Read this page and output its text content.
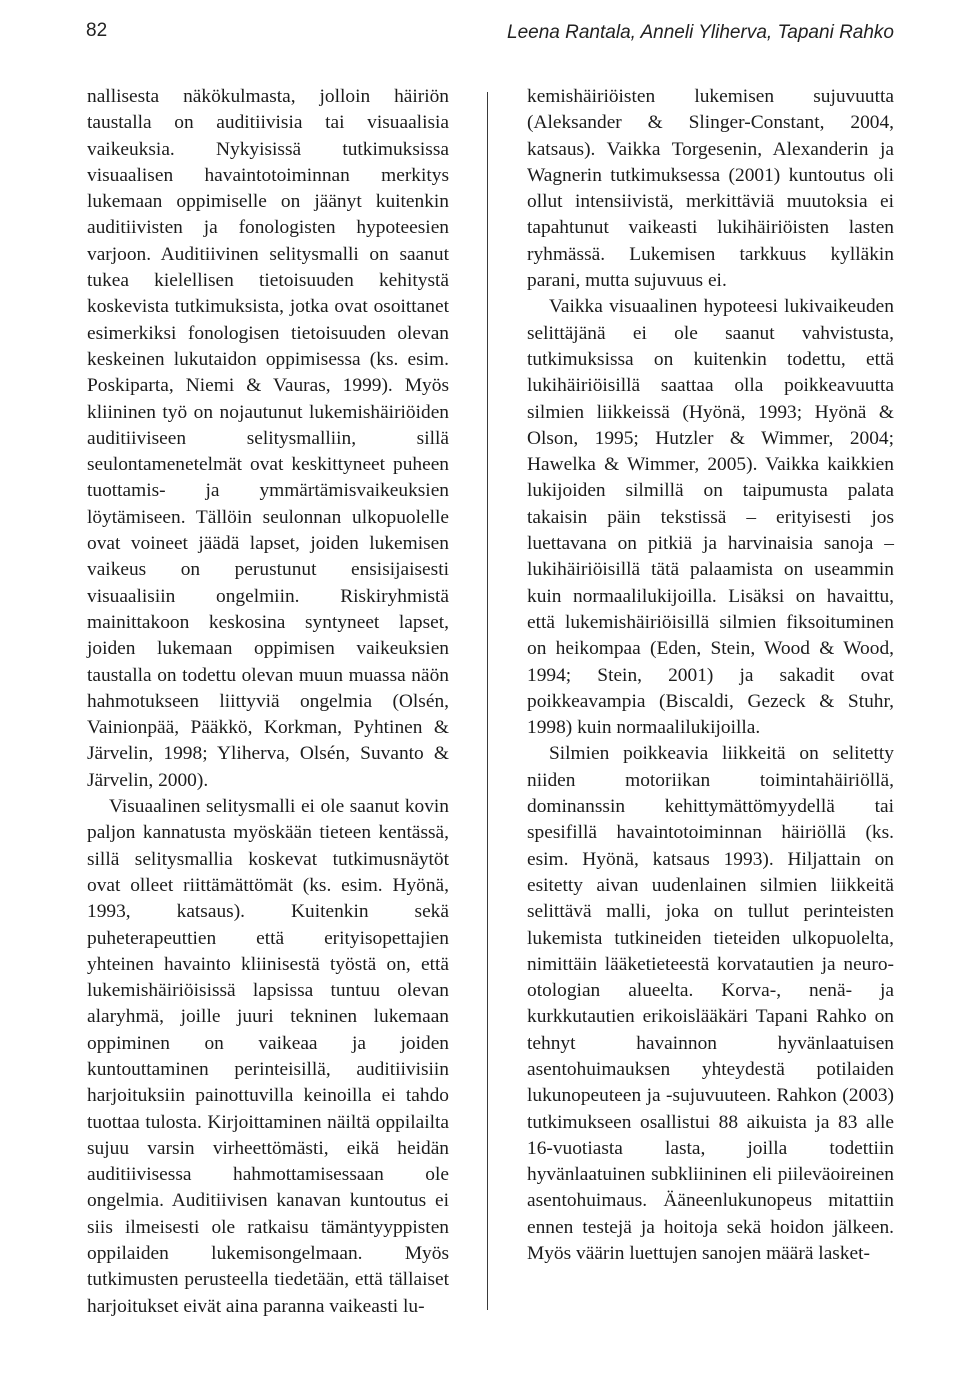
82	Leena Rantala, Anneli Yliherva, Tapani Rahko

nallisesta näkökulmasta, jolloin häiriön taustalla on auditiivisia tai visuaalisia vaikeuksia. Nykyisissä tutkimuksissa visuaalisen havaintotoiminnan merkitys lukemaan oppimiselle on jäänyt kuitenkin auditiivisten ja fonologisten hypoteesien varjoon. Auditiivinen selitysmalli on saanut tukea kielellisen tietoisuuden kehitystä koskevista tutkimuksista, jotka ovat osoittanet esimerkiksi fonologisen tietoisuuden olevan keskeinen lukutaidon oppimisessa (ks. esim. Poskiparta, Niemi & Vauras, 1999). Myös kliininen työ on nojautunut lukemishäiriöiden auditiiviseen selitysmalliin, sillä seulontamenetelmät ovat keskittyneet puheen tuottamis- ja ymmärtämisvaikeuksien löytämiseen. Tällöin seulonnan ulkopuolelle ovat voineet jäädä lapset, joiden lukemisen vaikeus on perustunut ensisijaisesti visuaalisiin ongelmiin. Riskiryhmistä mainittakoon keskosina syntyneet lapset, joiden lukemaan oppimisen vaikeuksien taustalla on todettu olevan muun muassa näön hahmotukseen liittyviä ongelmia (Olsén, Vainionpää, Pääkkö, Korkman, Pyhtinen & Järvelin, 1998; Yliherva, Olsén, Suvanto & Järvelin, 2000).

Visuaalinen selitysmalli ei ole saanut kovin paljon kannatusta myöskään tieteen kentässä, sillä selitysmallia koskevat tutkimusnäytöt ovat olleet riittämättömät (ks. esim. Hyönä, 1993, katsaus). Kuitenkin sekä puheterapeuttien että erityisopettajien yhteinen havainto kliinisestä työstä on, että lukemishäiriöisissä lapsissa tuntuu olevan alaryhmä, joille juuri tekninen lukemaan oppiminen on vaikeaa ja joiden kuntouttaminen perinteisillä, auditiivisiin harjoituksiin painottuvilla keinoilla ei tahdo tuottaa tulosta. Kirjoittaminen näiltä oppilailta sujuu varsin virheettömästi, eikä heidän auditiivisessa hahmottamisessaan ole ongelmia. Auditiivisen kanavan kuntoutus ei siis ilmeisesti ole ratkaisu tämäntyyppisten oppilaiden lukemisongelmaan. Myös tutkimusten perusteella tiedetään, että tällaiset harjoitukset eivät aina paranna vaikeasti lu-

kemishäiriöisten lukemisen sujuvuutta (Aleksander & Slinger-Constant, 2004, katsaus). Vaikka Torgesenin, Alexanderin ja Wagnerin tutkimuksessa (2001) kuntoutus oli ollut intensiivistä, merkittäviä muutoksia ei tapahtunut vaikeasti lukihäiriöisten lasten ryhmässä. Lukemisen tarkkuus kylläkin parani, mutta sujuvuus ei.

Vaikka visuaalinen hypoteesi lukivaikeuden selittäjänä ei ole saanut vahvistusta, tutkimuksissa on kuitenkin todettu, että lukihäiriöisillä saattaa olla poikkeavuutta silmien liikkeissä (Hyönä, 1993; Hyönä & Olson, 1995; Hutzler & Wimmer, 2004; Hawelka & Wimmer, 2005). Vaikka kaikkien lukijoiden silmillä on taipumusta palata takaisin päin tekstissä – erityisesti jos luettavana on pitkiä ja harvinaisia sanoja – lukihäiriöisillä tätä palaamista on useammin kuin normaalilukijoilla. Lisäksi on havaittu, että lukemishäiriöisillä silmien fiksoituminen on heikompaa (Eden, Stein, Wood & Wood, 1994; Stein, 2001) ja sakadit ovat poikkeavampia (Biscaldi, Gezeck & Stuhr, 1998) kuin normaalilukijoilla.

Silmien poikkeavia liikkeitä on selitetty niiden motoriikan toimintahäiriöllä, dominanssin kehittymättömyydellä tai spesifillä havaintotoiminnan häiriöllä (ks. esim. Hyönä, katsaus 1993). Hiljattain on esitetty aivan uudenlainen silmien liikkeitä selittävä malli, joka on tullut perinteisten lukemista tutkineiden tieteiden ulkopuolelta, nimittäin lääketieteestä korvatautien ja neuro-otologian alueelta. Korva-, nenä- ja kurkkutautien erikoislääkäri Tapani Rahko on tehnyt havainnon hyvänlaatuisen asentohuimauksen yhteydestä potilaiden lukunopeuteen ja -sujuvuuteen. Rahkon (2003) tutkimukseen osallistui 88 aikuista ja 83 alle 16-vuotiasta lasta, joilla todettiin hyvänlaatuinen subkliininen eli piileväoireinen asentohuimaus. Ääneenlukunopeus mitattiin ennen testejä ja hoitoja sekä hoidon jälkeen. Myös väärin luettujen sanojen määrä lasket-
